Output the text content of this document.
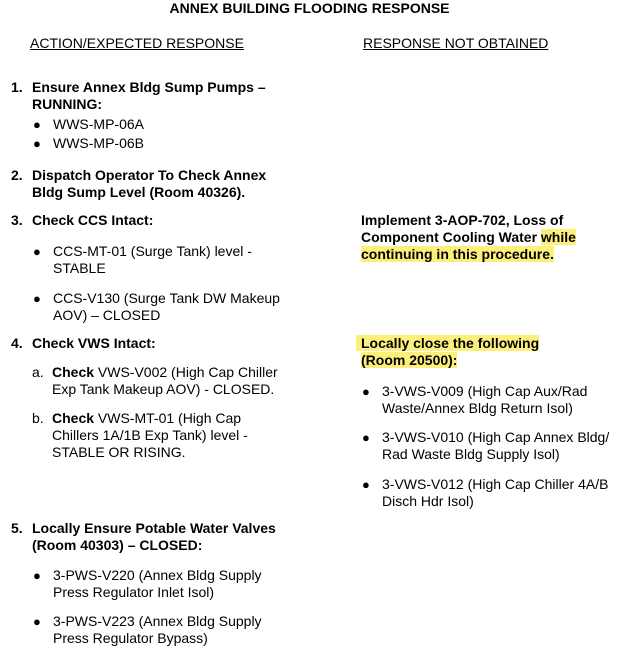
ANNEX BUILDING FLOODING RESPONSE
ACTION/EXPECTED RESPONSE	RESPONSE NOT OBTAINED
1. Ensure Annex Bldg Sump Pumps –
RUNNING:
● WWS-MP-06A
● WWS-MP-06B
2. Dispatch Operator To Check Annex
Bldg Sump Level (Room 40326).
3. Check CCS Intact:
● CCS-MT-01 (Surge Tank) level -
STABLE
● CCS-V130 (Surge Tank DW Makeup
AOV) – CLOSED
Implement 3-AOP-702, Loss of
Component Cooling Water while
continuing in this procedure.
4. Check VWS Intact:
a. Check VWS-V002 (High Cap Chiller
Exp Tank Makeup AOV) - CLOSED.
b. Check VWS-MT-01 (High Cap
Chillers 1A/1B Exp Tank) level -
STABLE OR RISING.
Locally close the following
(Room 20500):
● 3-VWS-V009 (High Cap Aux/Rad
Waste/Annex Bldg Return Isol)
● 3-VWS-V010 (High Cap Annex Bldg/
Rad Waste Bldg Supply Isol)
● 3-VWS-V012 (High Cap Chiller 4A/B
Disch Hdr Isol)
5. Locally Ensure Potable Water Valves
(Room 40303) – CLOSED:
● 3-PWS-V220 (Annex Bldg Supply
Press Regulator Inlet Isol)
● 3-PWS-V223 (Annex Bldg Supply
Press Regulator Bypass)
